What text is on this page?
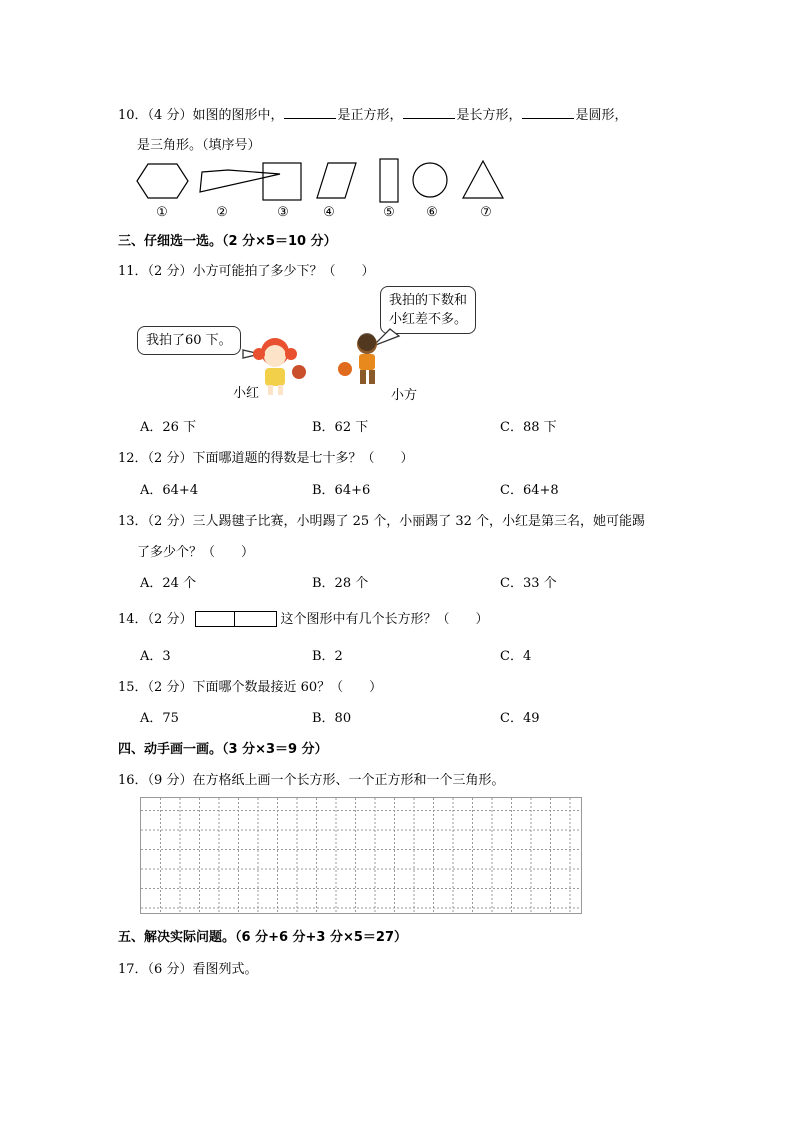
10．（4 分）如图的图形中，	是正方形，	是长方形，	是圆形，
是三角形。（填序号）
①	②	③	④	⑤	⑥	⑦
三、仔细选一选。（2 分×5＝10 分）
11．（2 分）小方可能拍了多少下？（　　）
我拍了60 下。
我拍的下数和
小红差不多。
小红	小方
A．26 下	B．62 下	C．88 下
12．（2 分）下面哪道题的得数是七十多？（　　）
A．64+4	B．64+6	C．64+8
13．（2 分）三人踢毽子比赛，小明踢了 25 个，小丽踢了 32 个，小红是第三名，她可能踢
了多少个？（　　）
A．24 个	B．28 个	C．33 个
14．（2 分）	这个图形中有几个长方形？（　　）
A．3	B．2	C．4
15．（2 分）下面哪个数最接近 60？（　　）
A．75	B．80	C．49
四、动手画一画。（3 分×3＝9 分）
16．（9 分）在方格纸上画一个长方形、一个正方形和一个三角形。
五、解决实际问题。（6 分+6 分+3 分×5＝27）
17．（6 分）看图列式。
